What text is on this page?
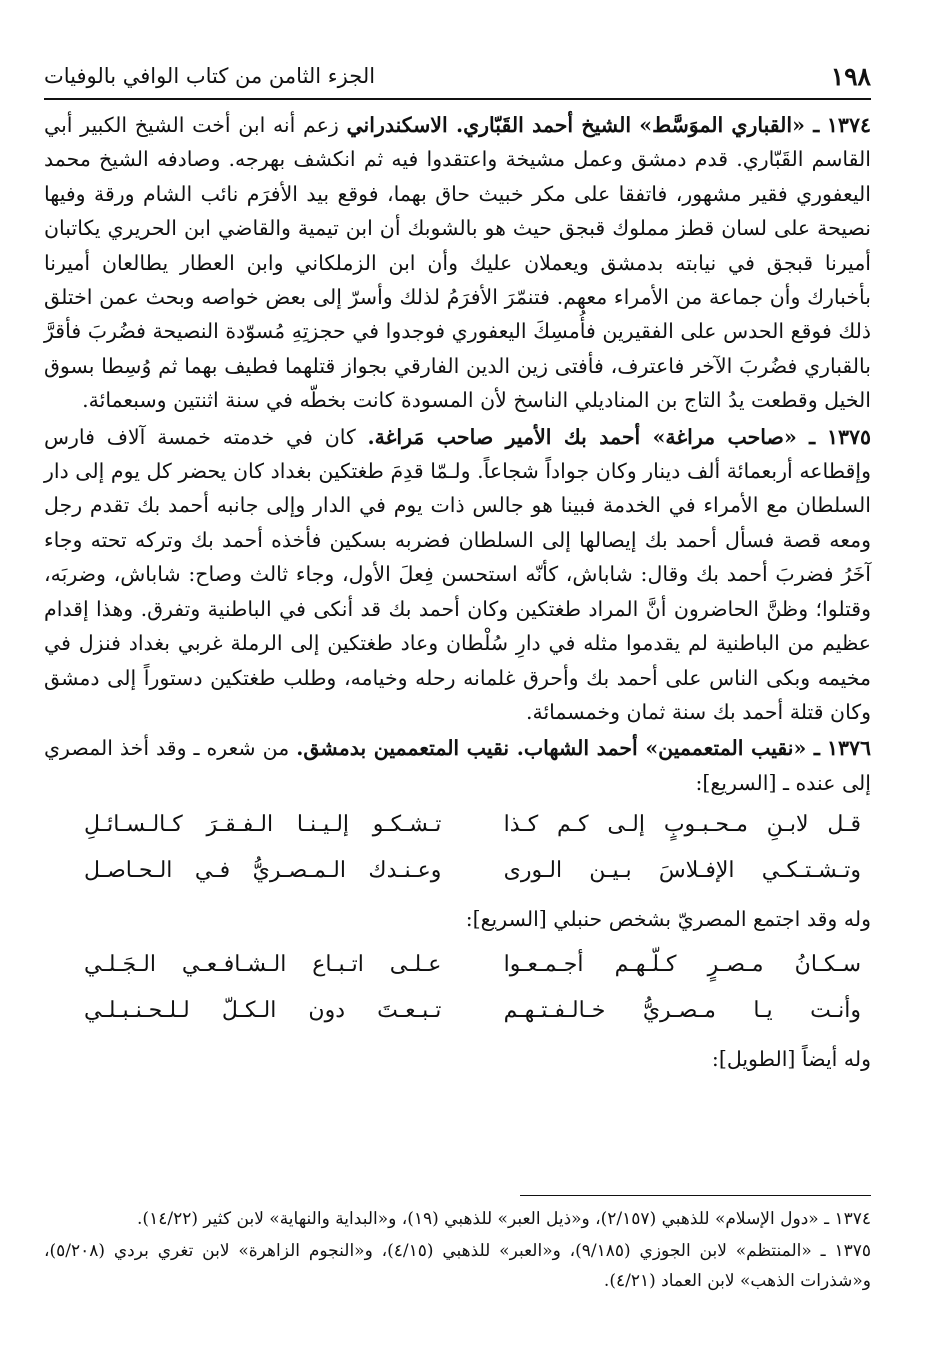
١٩٨
الجزء الثامن من كتاب الوافي بالوفيات

١٣٧٤ ـ «القباري الموَسَّط» الشيخ أحمد القَبّاري. الاسكندراني زعم أنه ابن أخت الشيخ الكبير أبي القاسم القَبّاري. قدم دمشق وعمل مشيخة واعتقدوا فيه ثم انكشف بهرجه. وصادفه الشيخ محمد اليعفوري فقير مشهور، فاتفقا على مكر خبيث حاق بهما، فوقع بيد الأفرَم نائب الشام ورقة وفيها نصيحة على لسان قطز مملوك قبجق حيث هو بالشوبك أن ابن تيمية والقاضي ابن الحريري يكاتبان أميرنا قبجق في نيابته بدمشق ويعملان عليك وأن ابن الزملكاني وابن العطار يطالعان أميرنا بأخبارك وأن جماعة من الأمراء معهم. فتنمّرَ الأفرَمُ لذلك وأسرّ إلى بعض خواصه وبحث عمن اختلق ذلك فوقع الحدس على الفقيرين فأُمسِكَ اليعفوري فوجدوا في حجزتِهِ مُسوّدة النصيحة فضُربَ فأقرَّ بالقباري فضُربَ الآخر فاعترف، فأفتى زين الدين الفارقي بجواز قتلهما فطيف بهما ثم وُسِطا بسوق الخيل وقطعت يدُ التاج بن المناديلي الناسخ لأن المسودة كانت بخطّه في سنة اثنتين وسبعمائة.

١٣٧٥ ـ «صاحب مراغة» أحمد بك الأمير صاحب مَراغة. كان في خدمته خمسة آلاف فارس وإقطاعه أربعمائة ألف دينار وكان جواداً شجاعاً. ولـمّا قدِمَ طغتكين بغداد كان يحضر كل يوم إلى دار السلطان مع الأمراء في الخدمة فبينا هو جالس ذات يوم في الدار وإلى جانبه أحمد بك تقدم رجل ومعه قصة فسأل أحمد بك إيصالها إلى السلطان فضربه بسكين فأخذه أحمد بك وتركه تحته وجاء آخَرُ فضربَ أحمد بك وقال: شاباش، كأنّه استحسن فِعلَ الأول، وجاء ثالث وصاح: شاباش، وضربَه، وقتلوا؛ وظنَّ الحاضرون أنَّ المراد طغتكين وكان أحمد بك قد أنكى في الباطنية وتفرق. وهذا إقدام عظيم من الباطنية لم يقدموا مثله في دارِ سُلْطان وعاد طغتكين إلى الرملة غربي بغداد فنزل في مخيمه وبكى الناس على أحمد بك وأحرق غلمانه رحله وخيامه، وطلب طغتكين دستوراً إلى دمشق وكان قتلة أحمد بك سنة ثمان وخمسمائة.

١٣٧٦ ـ «نقيب المتعممين» أحمد الشهاب. نقيب المتعممين بدمشق. من شعره ـ وقد أخذ المصري إلى عنده ـ [السريع]:

قـل لابـنِ مـحـبـوبٍ إلـى كـم كـذا
تـشـكـو إلـيـنـا الـفـقـرَ كـالـسـائـلِ
وتـشـتـكـي الإفـلاسَ بـيـن الـورى
وعـنـدك الـمـصـريُّ فـي الـحـاصـل

وله وقد اجتمع المصريّ بشخص حنبلي [السريع]:

سـكـانُ مـصـرٍ كـلّـهـم أجـمـعـوا
عـلـى اتـبـاع الـشـافـعـي الـجَـلـي
وأنـت يـا مـصـريُّ خـالـفـتـهـم
تـبـعـتَ دون الـكـلّ لـلـحـنـبـلـي

وله أيضاً [الطويل]:

١٣٧٤ ـ «دول الإسلام» للذهبي (٢/١٥٧)، و«ذيل العبر» للذهبي (١٩)، و«البداية والنهاية» لابن كثير (١٤/٢٢).

١٣٧٥ ـ «المنتظم» لابن الجوزي (٩/١٨٥)، و«العبر» للذهبي (٤/١٥)، و«النجوم الزاهرة» لابن تغري بردي (٥/٢٠٨)، و«شذرات الذهب» لابن العماد (٤/٢١).
